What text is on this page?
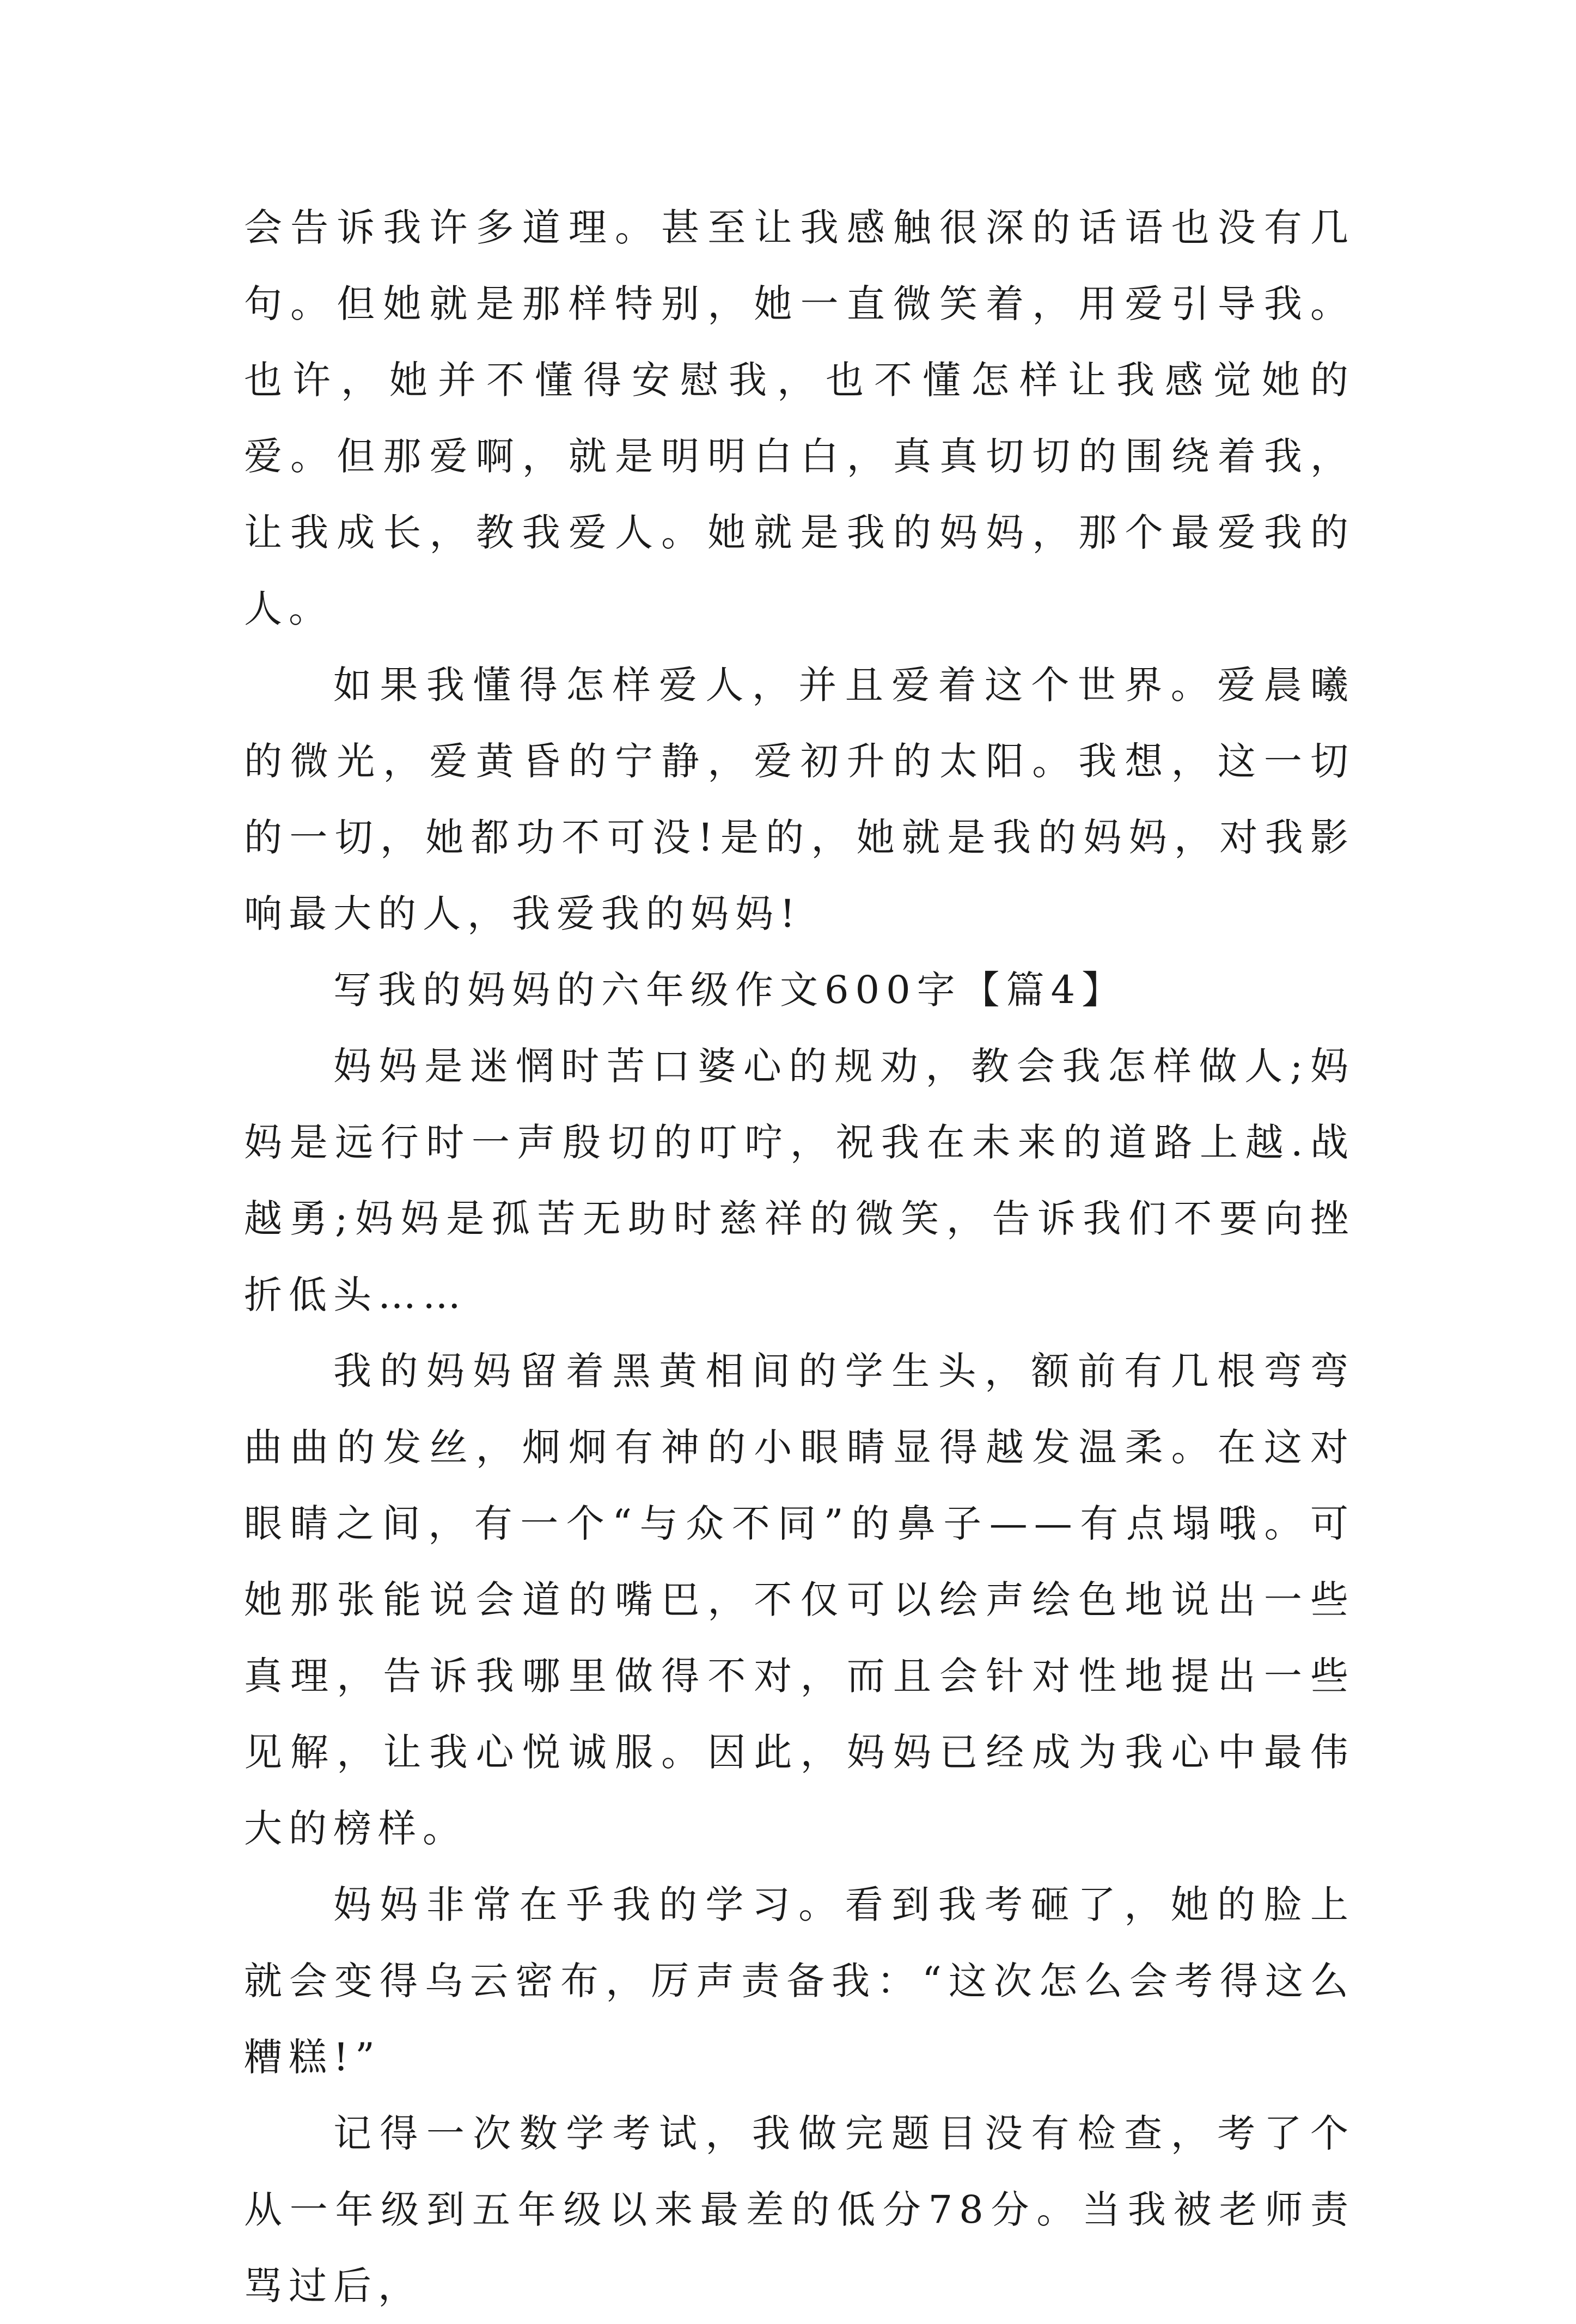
会告诉我许多道理。甚至让我感触很深的话语也没有几句。但她就是那样特别，她一直微笑着，用爱引导我。也许，她并不懂得安慰我，也不懂怎样让我感觉她的爱。但那爱啊，就是明明白白，真真切切的围绕着我，让我成长，教我爱人。她就是我的妈妈，那个最爱我的人。

如果我懂得怎样爱人，并且爱着这个世界。爱晨曦的微光，爱黄昏的宁静，爱初升的太阳。我想，这一切的一切，她都功不可没!是的，她就是我的妈妈，对我影响最大的人，我爱我的妈妈!

写我的妈妈的六年级作文600字【篇4】

妈妈是迷惘时苦口婆心的规劝，教会我怎样做人;妈妈是远行时一声殷切的叮咛，祝我在未来的道路上越.战越勇;妈妈是孤苦无助时慈祥的微笑，告诉我们不要向挫折低头……

我的妈妈留着黑黄相间的学生头，额前有几根弯弯曲曲的发丝，炯炯有神的小眼睛显得越发温柔。在这对眼睛之间，有一个“与众不同”的鼻子——有点塌哦。可她那张能说会道的嘴巴，不仅可以绘声绘色地说出一些真理，告诉我哪里做得不对，而且会针对性地提出一些见解，让我心悦诚服。因此，妈妈已经成为我心中最伟大的榜样。

妈妈非常在乎我的学习。看到我考砸了，她的脸上就会变得乌云密布，厉声责备我：“这次怎么会考得这么糟糕!”

记得一次数学考试，我做完题目没有检查，考了个从一年级到五年级以来最差的低分78分。当我被老师责骂过后，
